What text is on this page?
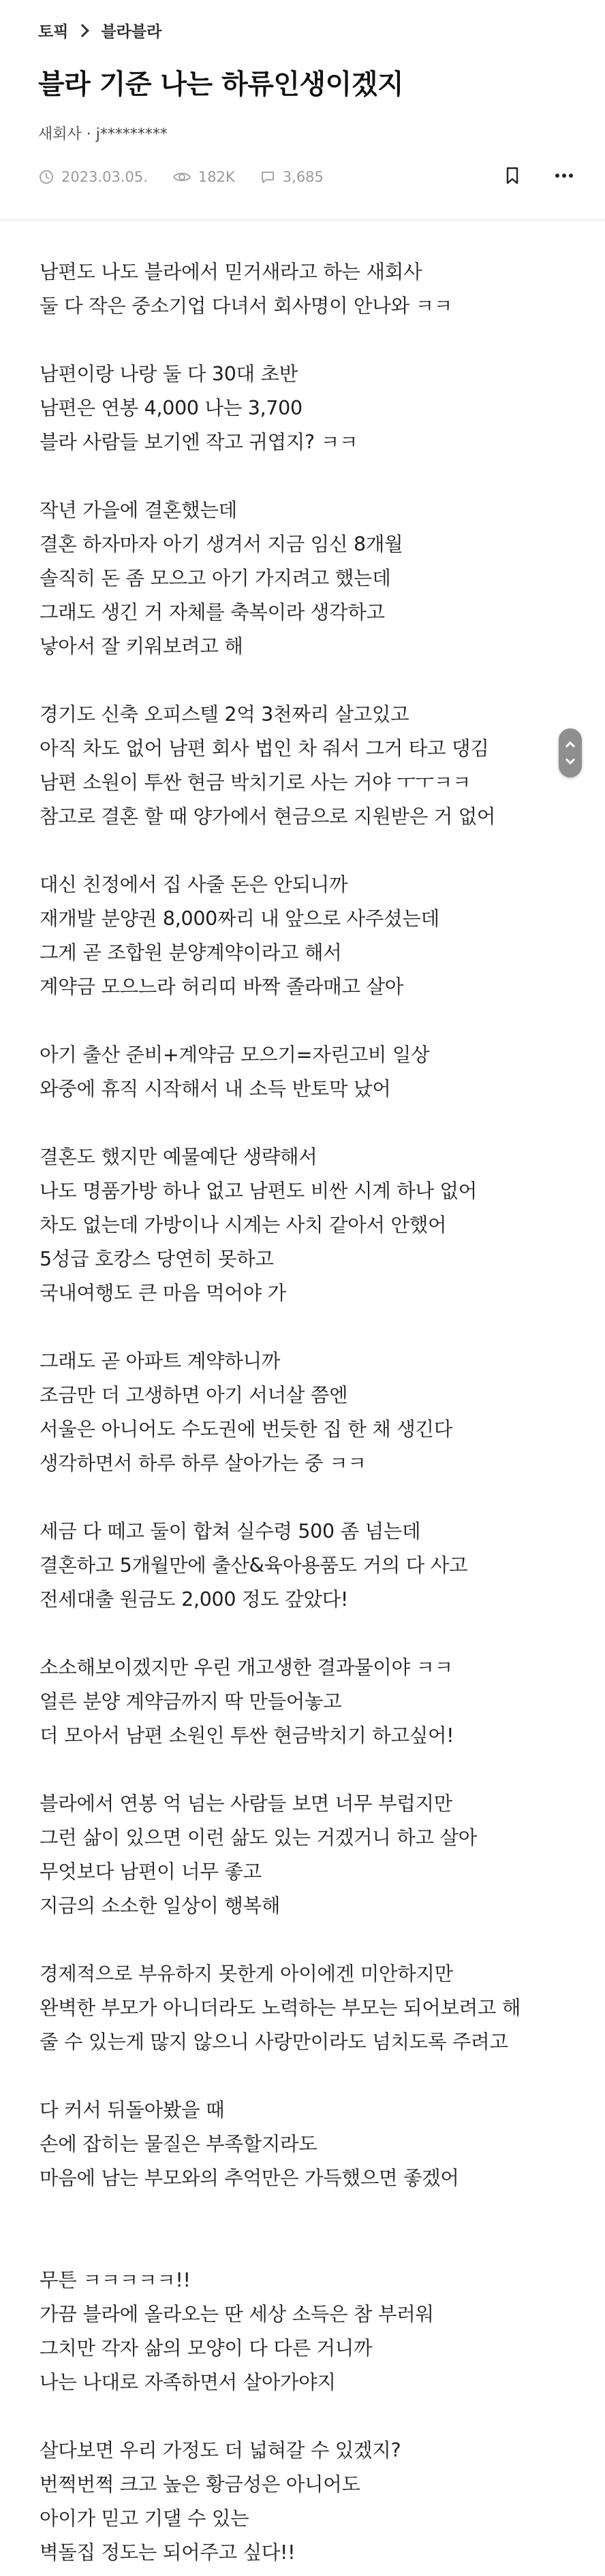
토픽 블라블라
블라 기준 나는 하류인생이겠지
새회사 · j*********
2023.03.05.	182K	3,685
남편도 나도 블라에서 믿거새라고 하는 새회사
둘 다 작은 중소기업 다녀서 회사명이 안나와 ㅋㅋ
남편이랑 나랑 둘 다 30대 초반
남편은 연봉 4,000 나는 3,700
블라 사람들 보기엔 작고 귀엽지? ㅋㅋ
작년 가을에 결혼했는데
결혼 하자마자 아기 생겨서 지금 임신 8개월
솔직히 돈 좀 모으고 아기 가지려고 했는데
그래도 생긴 거 자체를 축복이라 생각하고
낳아서 잘 키워보려고 해
경기도 신축 오피스텔 2억 3천짜리 살고있고
아직 차도 없어 남편 회사 법인 차 줘서 그거 타고 댕김
남편 소원이 투싼 현금 박치기로 사는 거야 ㅜㅜㅋㅋ
참고로 결혼 할 때 양가에서 현금으로 지원받은 거 없어
대신 친정에서 집 사줄 돈은 안되니까
재개발 분양권 8,000짜리 내 앞으로 사주셨는데
그게 곧 조합원 분양계약이라고 해서
계약금 모으느라 허리띠 바짝 졸라매고 살아
아기 출산 준비+계약금 모으기=자린고비 일상
와중에 휴직 시작해서 내 소득 반토막 났어
결혼도 했지만 예물예단 생략해서
나도 명품가방 하나 없고 남편도 비싼 시계 하나 없어
차도 없는데 가방이나 시계는 사치 같아서 안했어
5성급 호캉스 당연히 못하고
국내여행도 큰 마음 먹어야 가
그래도 곧 아파트 계약하니까
조금만 더 고생하면 아기 서너살 쯤엔
서울은 아니어도 수도권에 번듯한 집 한 채 생긴다
생각하면서 하루 하루 살아가는 중 ㅋㅋ
세금 다 떼고 둘이 합쳐 실수령 500 좀 넘는데
결혼하고 5개월만에 출산&육아용품도 거의 다 사고
전세대출 원금도 2,000 정도 갚았다!
소소해보이겠지만 우린 개고생한 결과물이야 ㅋㅋ
얼른 분양 계약금까지 딱 만들어놓고
더 모아서 남편 소원인 투싼 현금박치기 하고싶어!
블라에서 연봉 억 넘는 사람들 보면 너무 부럽지만
그런 삶이 있으면 이런 삶도 있는 거겠거니 하고 살아
무엇보다 남편이 너무 좋고
지금의 소소한 일상이 행복해
경제적으로 부유하지 못한게 아이에겐 미안하지만
완벽한 부모가 아니더라도 노력하는 부모는 되어보려고 해
줄 수 있는게 많지 않으니 사랑만이라도 넘치도록 주려고
다 커서 뒤돌아봤을 때
손에 잡히는 물질은 부족할지라도
마음에 남는 부모와의 추억만은 가득했으면 좋겠어
무튼 ㅋㅋㅋㅋㅋ!!
가끔 블라에 올라오는 딴 세상 소득은 참 부러워
그치만 각자 삶의 모양이 다 다른 거니까
나는 나대로 자족하면서 살아가야지
살다보면 우리 가정도 더 넓혀갈 수 있겠지?
번쩍번쩍 크고 높은 황금성은 아니어도
아이가 믿고 기댈 수 있는
벽돌집 정도는 되어주고 싶다!!
